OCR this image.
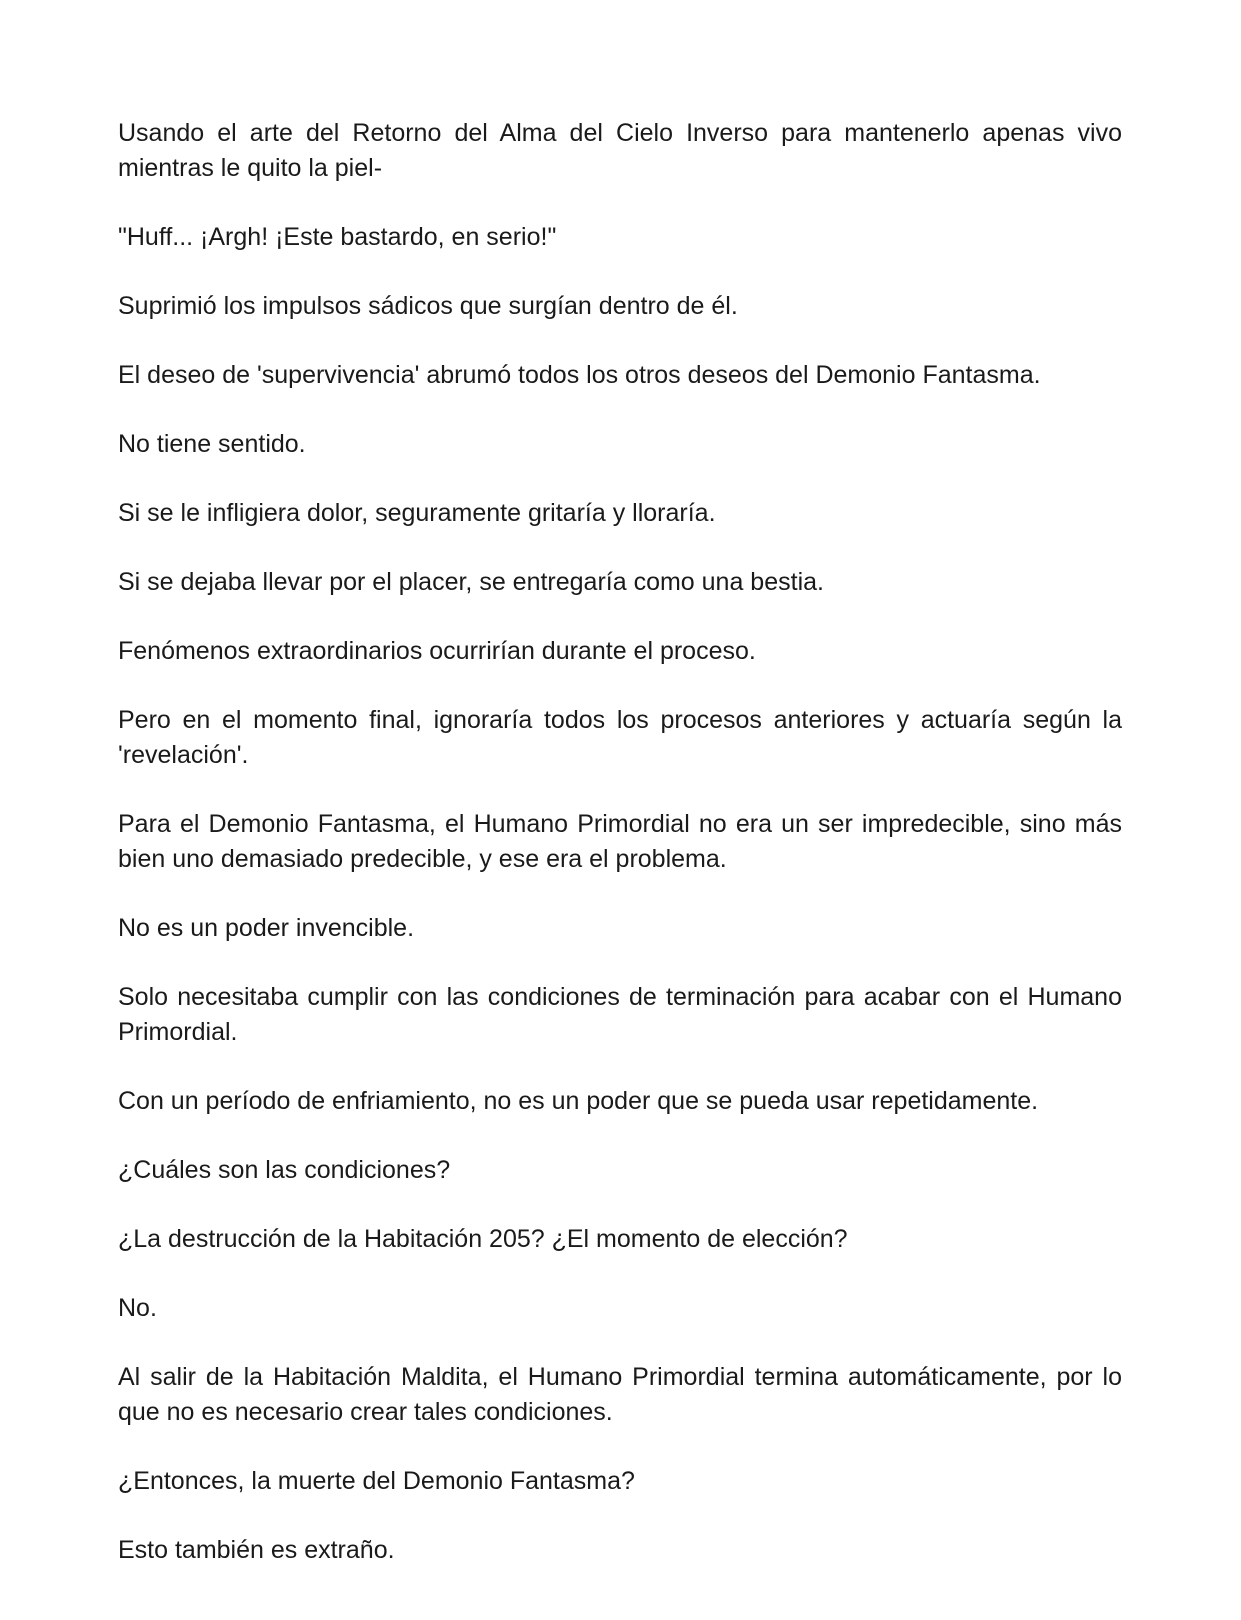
Usando el arte del Retorno del Alma del Cielo Inverso para mantenerlo apenas vivo mientras le quito la piel-

"Huff... ¡Argh! ¡Este bastardo, en serio!"

Suprimió los impulsos sádicos que surgían dentro de él.

El deseo de 'supervivencia' abrumó todos los otros deseos del Demonio Fantasma.

No tiene sentido.

Si se le infligiera dolor, seguramente gritaría y lloraría.

Si se dejaba llevar por el placer, se entregaría como una bestia.

Fenómenos extraordinarios ocurrirían durante el proceso.

Pero en el momento final, ignoraría todos los procesos anteriores y actuaría según la 'revelación'.

Para el Demonio Fantasma, el Humano Primordial no era un ser impredecible, sino más bien uno demasiado predecible, y ese era el problema.

No es un poder invencible.

Solo necesitaba cumplir con las condiciones de terminación para acabar con el Humano Primordial.

Con un período de enfriamiento, no es un poder que se pueda usar repetidamente.

¿Cuáles son las condiciones?

¿La destrucción de la Habitación 205? ¿El momento de elección?

No.

Al salir de la Habitación Maldita, el Humano Primordial termina automáticamente, por lo que no es necesario crear tales condiciones.

¿Entonces, la muerte del Demonio Fantasma?

Esto también es extraño.
